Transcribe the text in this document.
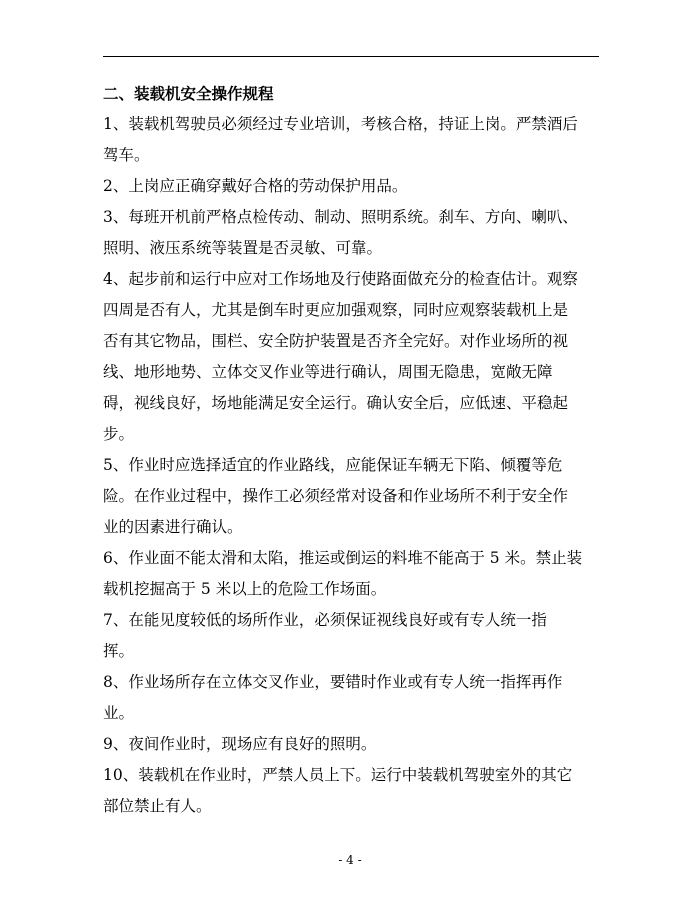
二、装载机安全操作规程

1、装载机驾驶员必须经过专业培训，考核合格，持证上岗。严禁酒后
驾车。

2、上岗应正确穿戴好合格的劳动保护用品。

3、每班开机前严格点检传动、制动、照明系统。刹车、方向、喇叭、
照明、液压系统等装置是否灵敏、可靠。

4、起步前和运行中应对工作场地及行使路面做充分的检查估计。观察
四周是否有人，尤其是倒车时更应加强观察，同时应观察装载机上是
否有其它物品，围栏、安全防护装置是否齐全完好。对作业场所的视
线、地形地势、立体交叉作业等进行确认，周围无隐患，宽敞无障
碍，视线良好，场地能满足安全运行。确认安全后，应低速、平稳起
步。

5、作业时应选择适宜的作业路线，应能保证车辆无下陷、倾覆等危
险。在作业过程中，操作工必须经常对设备和作业场所不利于安全作
业的因素进行确认。

6、作业面不能太滑和太陷，推运或倒运的料堆不能高于 5 米。禁止装
载机挖掘高于 5 米以上的危险工作场面。

7、在能见度较低的场所作业，必须保证视线良好或有专人统一指
挥。

8、作业场所存在立体交叉作业，要错时作业或有专人统一指挥再作
业。

9、夜间作业时，现场应有良好的照明。

10、装载机在作业时，严禁人员上下。运行中装载机驾驶室外的其它
部位禁止有人。

- 4 -
